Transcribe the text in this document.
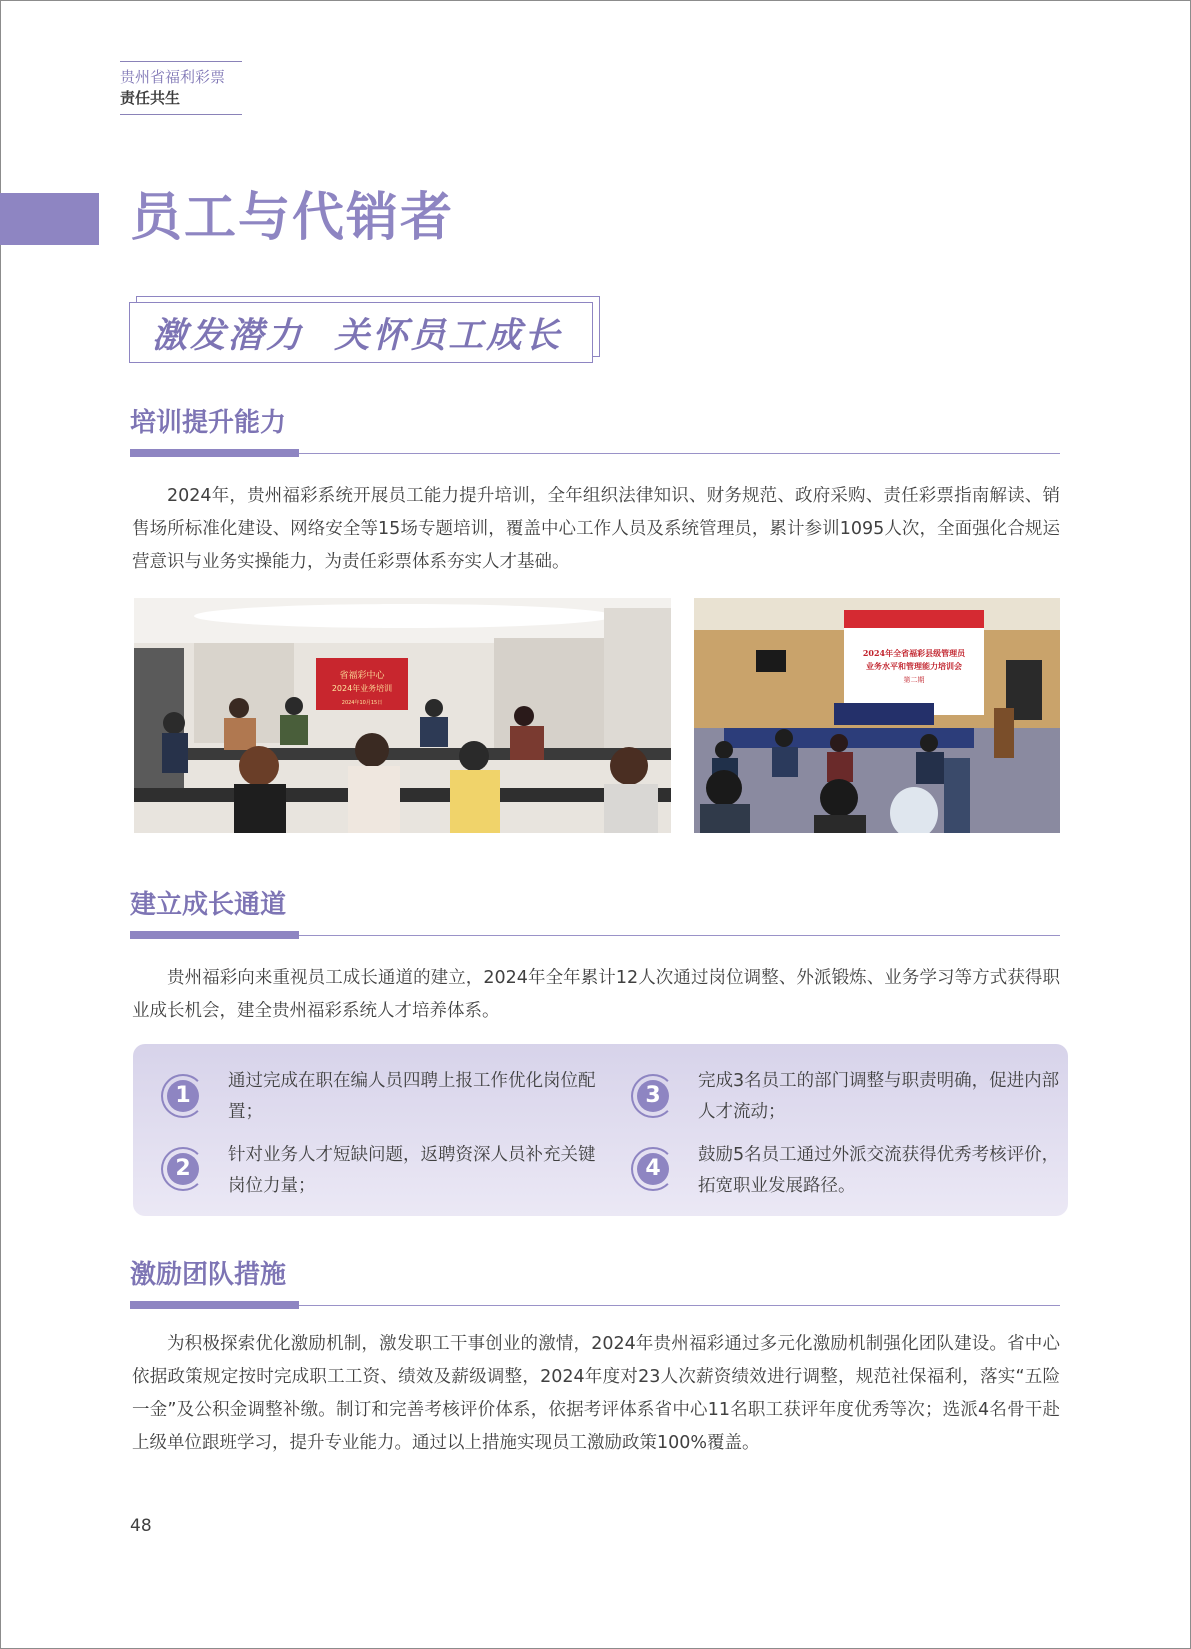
贵州省福利彩票
责任共生
员工与代销者
激发潜力  关怀员工成长
培训提升能力
2024年，贵州福彩系统开展员工能力提升培训，全年组织法律知识、财务规范、政府采购、责任彩票指南解读、销售场所标准化建设、网络安全等15场专题培训，覆盖中心工作人员及系统管理员，累计参训1095人次，全面强化合规运营意识与业务实操能力，为责任彩票体系夯实人才基础。
省福彩中心
2024年业务培训
2024年10月15日
2024年全省福彩县级管理员
业务水平和管理能力培训会
第二期
建立成长通道
贵州福彩向来重视员工成长通道的建立，2024年全年累计12人次通过岗位调整、外派锻炼、业务学习等方式获得职业成长机会，建全贵州福彩系统人才培养体系。
1
通过完成在职在编人员四聘上报工作优化岗位配置；
2
针对业务人才短缺问题，返聘资深人员补充关键岗位力量；
3
完成3名员工的部门调整与职责明确，促进内部人才流动；
4
鼓励5名员工通过外派交流获得优秀考核评价，拓宽职业发展路径。
激励团队措施
为积极探索优化激励机制，激发职工干事创业的激情，2024年贵州福彩通过多元化激励机制强化团队建设。省中心依据政策规定按时完成职工工资、绩效及薪级调整，2024年度对23人次薪资绩效进行调整，规范社保福利，落实“五险一金”及公积金调整补缴。制订和完善考核评价体系，依据考评体系省中心11名职工获评年度优秀等次；选派4名骨干赴上级单位跟班学习，提升专业能力。通过以上措施实现员工激励政策100%覆盖。
48
